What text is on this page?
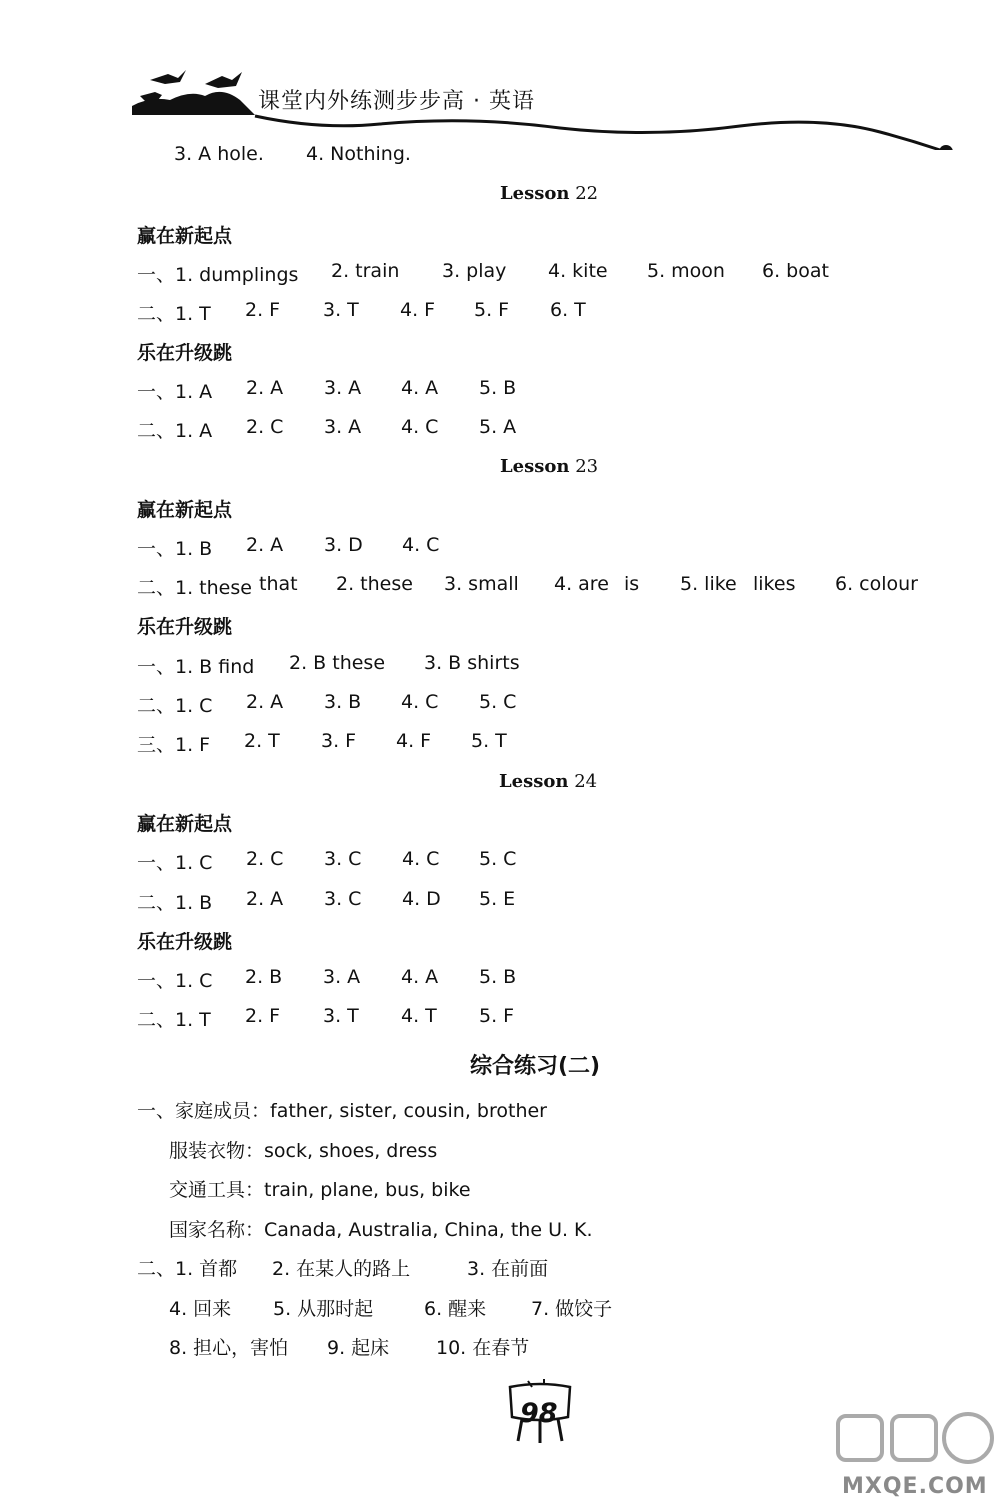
课堂内外练测步步高 · 英语
3. A hole. 4. Nothing.
Lesson 22
赢在新起点
一、1. dumplings 2. train 3. play 4. kite 5. moon 6. boat
二、1. T 2. F 3. T 4. F 5. F 6. T
乐在升级跳
一、1. A 2. A 3. A 4. A 5. B
二、1. A 2. C 3. A 4. C 5. A
Lesson 23
赢在新起点
一、1. B 2. A 3. D 4. C
二、1. these that 2. these 3. small 4. are is 5. like likes 6. colour
乐在升级跳
一、1. B find 2. B these 3. B shirts
二、1. C 2. A 3. B 4. C 5. C
三、1. F 2. T 3. F 4. F 5. T
Lesson 24
赢在新起点
一、1. C 2. C 3. C 4. C 5. C
二、1. B 2. A 3. C 4. D 5. E
乐在升级跳
一、1. C 2. B 3. A 4. A 5. B
二、1. T 2. F 3. T 4. T 5. F
综合练习(二)
一、家庭成员：father, sister, cousin, brother
服装衣物：sock, shoes, dress
交通工具：train, plane, bus, bike
国家名称：Canada, Australia, China, the U. K.
二、1. 首都 2. 在某人的路上	3. 在前面
4. 回来 5. 从那时起	6. 醒来 7. 做饺子
8. 担心，害怕 9. 起床 10. 在春节
98
MXQE.COM
